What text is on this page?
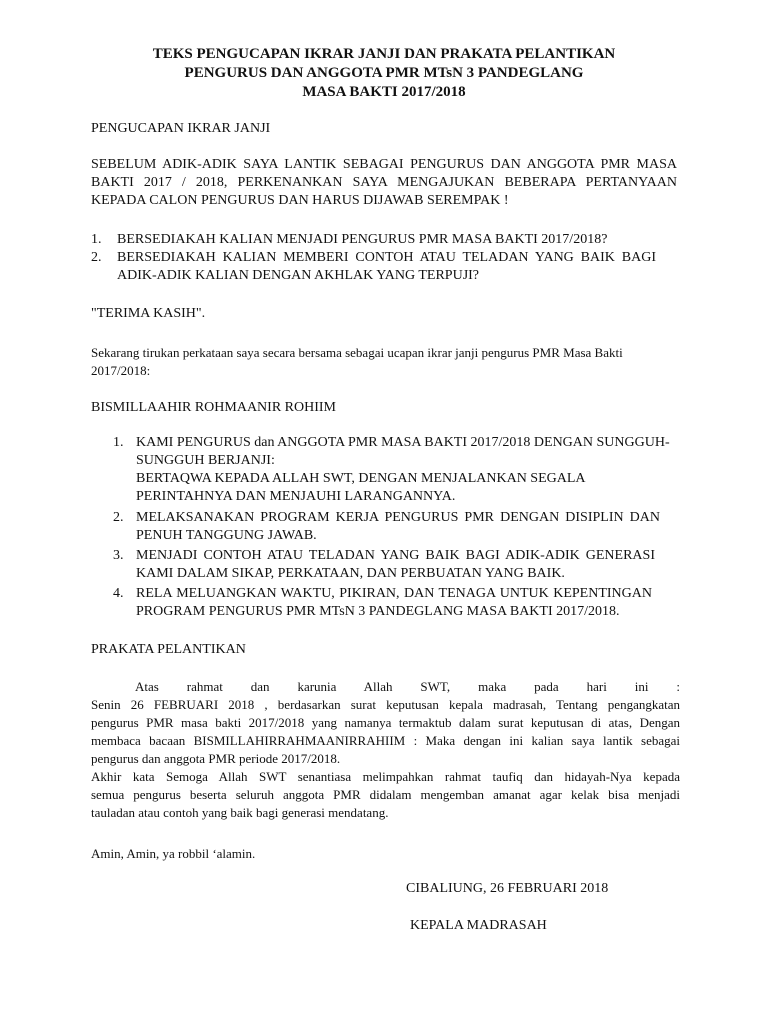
TEKS PENGUCAPAN IKRAR JANJI DAN PRAKATA PELANTIKAN
PENGURUS DAN ANGGOTA PMR MTsN 3 PANDEGLANG
MASA BAKTI 2017/2018
PENGUCAPAN IKRAR JANJI
SEBELUM ADIK-ADIK SAYA LANTIK SEBAGAI PENGURUS DAN ANGGOTA PMR MASA
BAKTI 2017 / 2018, PERKENANKAN SAYA MENGAJUKAN BEBERAPA PERTANYAAN
KEPADA CALON PENGURUS DAN HARUS DIJAWAB SEREMPAK !
1. BERSEDIAKAH KALIAN MENJADI PENGURUS PMR MASA BAKTI 2017/2018?
2. BERSEDIAKAH KALIAN MEMBERI CONTOH ATAU TELADAN YANG BAIK BAGI
ADIK-ADIK KALIAN DENGAN AKHLAK YANG TERPUJI?
"TERIMA KASIH".
Sekarang tirukan perkataan saya secara bersama sebagai ucapan ikrar janji pengurus PMR Masa Bakti
2017/2018:
BISMILLAAHIR ROHMAANIR ROHIIM
1. KAMI PENGURUS dan ANGGOTA PMR MASA BAKTI 2017/2018 DENGAN SUNGGUH-
SUNGGUH BERJANJI:
BERTAQWA KEPADA ALLAH SWT, DENGAN MENJALANKAN SEGALA
PERINTAHNYA DAN MENJAUHI LARANGANNYA.
2. MELAKSANAKAN PROGRAM KERJA PENGURUS PMR DENGAN DISIPLIN DAN
PENUH TANGGUNG JAWAB.
3. MENJADI CONTOH ATAU TELADAN YANG BAIK BAGI ADIK-ADIK GENERASI
KAMI DALAM SIKAP, PERKATAAN, DAN PERBUATAN YANG BAIK.
4. RELA MELUANGKAN WAKTU, PIKIRAN, DAN TENAGA UNTUK KEPENTINGAN
PROGRAM PENGURUS PMR MTsN 3 PANDEGLANG MASA BAKTI 2017/2018.
PRAKATA PELANTIKAN
Atas rahmat dan karunia Allah SWT, maka pada hari ini :
Senin 26 FEBRUARI 2018 , berdasarkan surat keputusan kepala madrasah, Tentang pengangkatan
pengurus PMR masa bakti 2017/2018 yang namanya termaktub dalam surat keputusan di atas, Dengan
membaca bacaan BISMILLAHIRRAHMAANIRRAHIIM : Maka dengan ini kalian saya lantik sebagai
pengurus dan anggota PMR periode 2017/2018.
Akhir kata Semoga Allah SWT senantiasa melimpahkan rahmat taufiq dan hidayah-Nya kepada
semua pengurus beserta seluruh anggota PMR didalam mengemban amanat agar kelak bisa menjadi
tauladan atau contoh yang baik bagi generasi mendatang.
Amin, Amin, ya robbil ‘alamin.
CIBALIUNG, 26 FEBRUARI 2018
KEPALA MADRASAH
